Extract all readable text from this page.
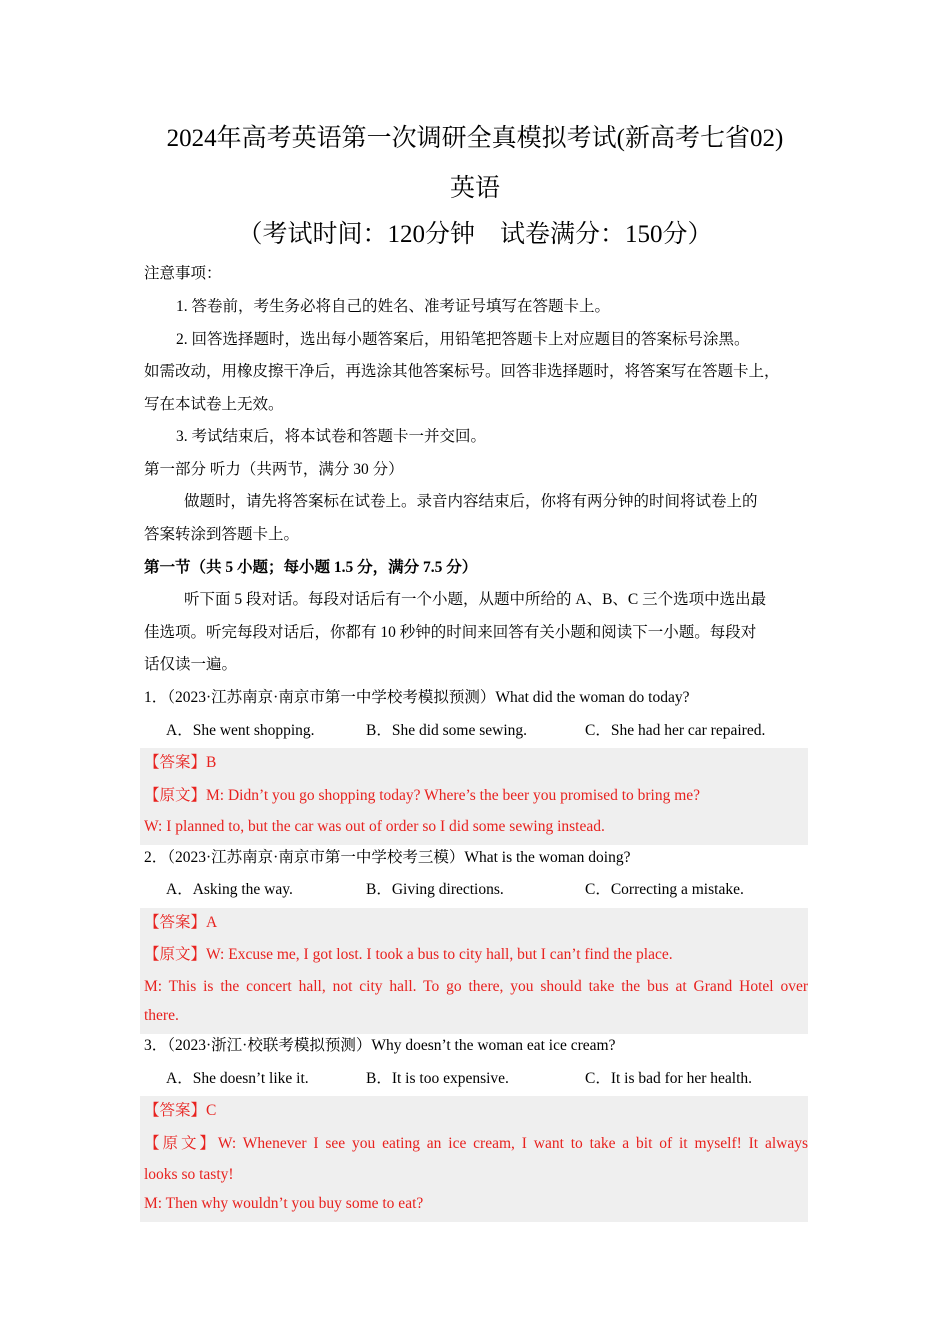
2024年高考英语第一次调研全真模拟考试(新高考七省02)
英语
（考试时间：120分钟　试卷满分：150分）
注意事项：
1. 答卷前，考生务必将自己的姓名、准考证号填写在答题卡上。
2. 回答选择题时，选出每小题答案后，用铅笔把答题卡上对应题目的答案标号涂黑。
如需改动，用橡皮擦干净后，再选涂其他答案标号。回答非选择题时，将答案写在答题卡上，
写在本试卷上无效。
3. 考试结束后，将本试卷和答题卡一并交回。
第一部分 听力（共两节，满分 30 分）
做题时，请先将答案标在试卷上。录音内容结束后，你将有两分钟的时间将试卷上的
答案转涂到答题卡上。
第一节（共 5 小题；每小题 1.5 分，满分 7.5 分）
听下面 5 段对话。每段对话后有一个小题，从题中所给的 A、B、C 三个选项中选出最
佳选项。听完每段对话后，你都有 10 秒钟的时间来回答有关小题和阅读下一小题。每段对
话仅读一遍。
1．（2023·江苏南京·南京市第一中学校考模拟预测）What did the woman do today?
A．She went shopping.	B．She did some sewing.	C．She had her car repaired.
【答案】B
【原文】M: Didn’t you go shopping today? Where’s the beer you promised to bring me?
W: I planned to, but the car was out of order so I did some sewing instead.
2．（2023·江苏南京·南京市第一中学校考三模）What is the woman doing?
A．Asking the way.	B．Giving directions.	C．Correcting a mistake.
【答案】A
【原文】W: Excuse me, I got lost. I took a bus to city hall, but I can’t find the place.
M: This is the concert hall, not city hall. To go there, you should take the bus at Grand Hotel over
there.
3．（2023·浙江·校联考模拟预测）Why doesn’t the woman eat ice cream?
A．She doesn’t like it.	B．It is too expensive.	C．It is bad for her health.
【答案】C
【原文】W: Whenever I see you eating an ice cream, I want to take a bit of it myself! It always
looks so tasty!
M: Then why wouldn’t you buy some to eat?
